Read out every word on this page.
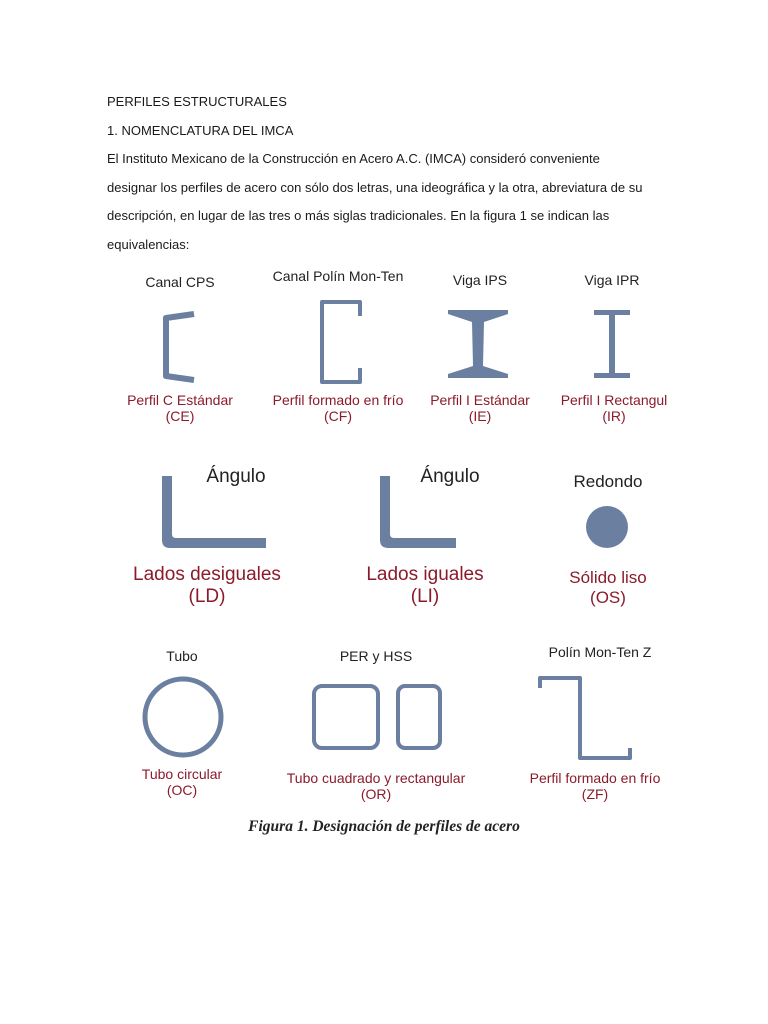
PERFILES ESTRUCTURALES

1. NOMENCLATURA DEL IMCA

El Instituto Mexicano de la Construcción en Acero A.C. (IMCA) consideró conveniente

designar los perfiles de acero con sólo dos letras, una ideográfica y la otra, abreviatura de su

descripción, en lugar de las tres o más siglas tradicionales. En la figura 1 se indican las

equivalencias:

Canal CPS
Perfil C Estándar
(CE)
Canal Polín Mon-Ten
Perfil formado en frío
(CF)
Viga IPS
Perfil I Estándar
(IE)
Viga IPR
Perfil I Rectangul
(IR)
Ángulo
Lados desiguales
(LD)
Ángulo
Lados iguales
(LI)
Redondo
Sólido liso
(OS)
Tubo
Tubo circular
(OC)
PER y HSS
Tubo cuadrado y rectangular
(OR)
Polín Mon-Ten Z
Perfil formado en frío
(ZF)
Figura 1. Designación de perfiles de acero
